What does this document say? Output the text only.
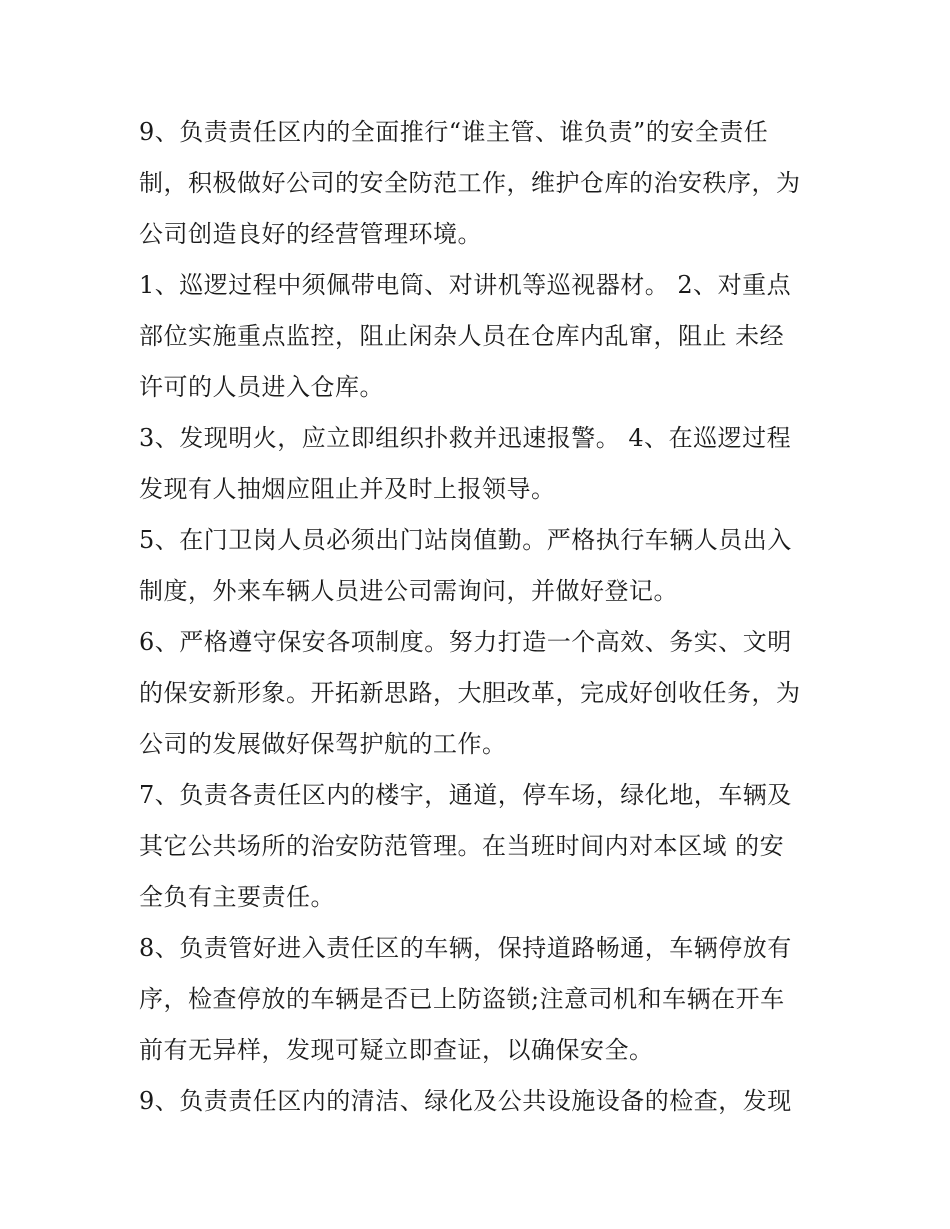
9、负责责任区内的全面推行“谁主管、谁负责”的安全责任
制，积极做好公司的安全防范工作，维护仓库的治安秩序，为
公司创造良好的经营管理环境。

1、巡逻过程中须佩带电筒、对讲机等巡视器材。 2、对重点
部位实施重点监控，阻止闲杂人员在仓库内乱窜，阻止 未经
许可的人员进入仓库。

3、发现明火，应立即组织扑救并迅速报警。 4、在巡逻过程
发现有人抽烟应阻止并及时上报领导。

5、在门卫岗人员必须出门站岗值勤。严格执行车辆人员出入
制度，外来车辆人员进公司需询问，并做好登记。

6、严格遵守保安各项制度。努力打造一个高效、务实、文明
的保安新形象。开拓新思路，大胆改革，完成好创收任务，为
公司的发展做好保驾护航的工作。

7、负责各责任区内的楼宇，通道，停车场，绿化地，车辆及
其它公共场所的治安防范管理。在当班时间内对本区域 的安
全负有主要责任。

8、负责管好进入责任区的车辆，保持道路畅通，车辆停放有
序，检查停放的车辆是否已上防盗锁;注意司机和车辆在开车
前有无异样，发现可疑立即查证，以确保安全。

9、负责责任区内的清洁、绿化及公共设施设备的检查，发现
